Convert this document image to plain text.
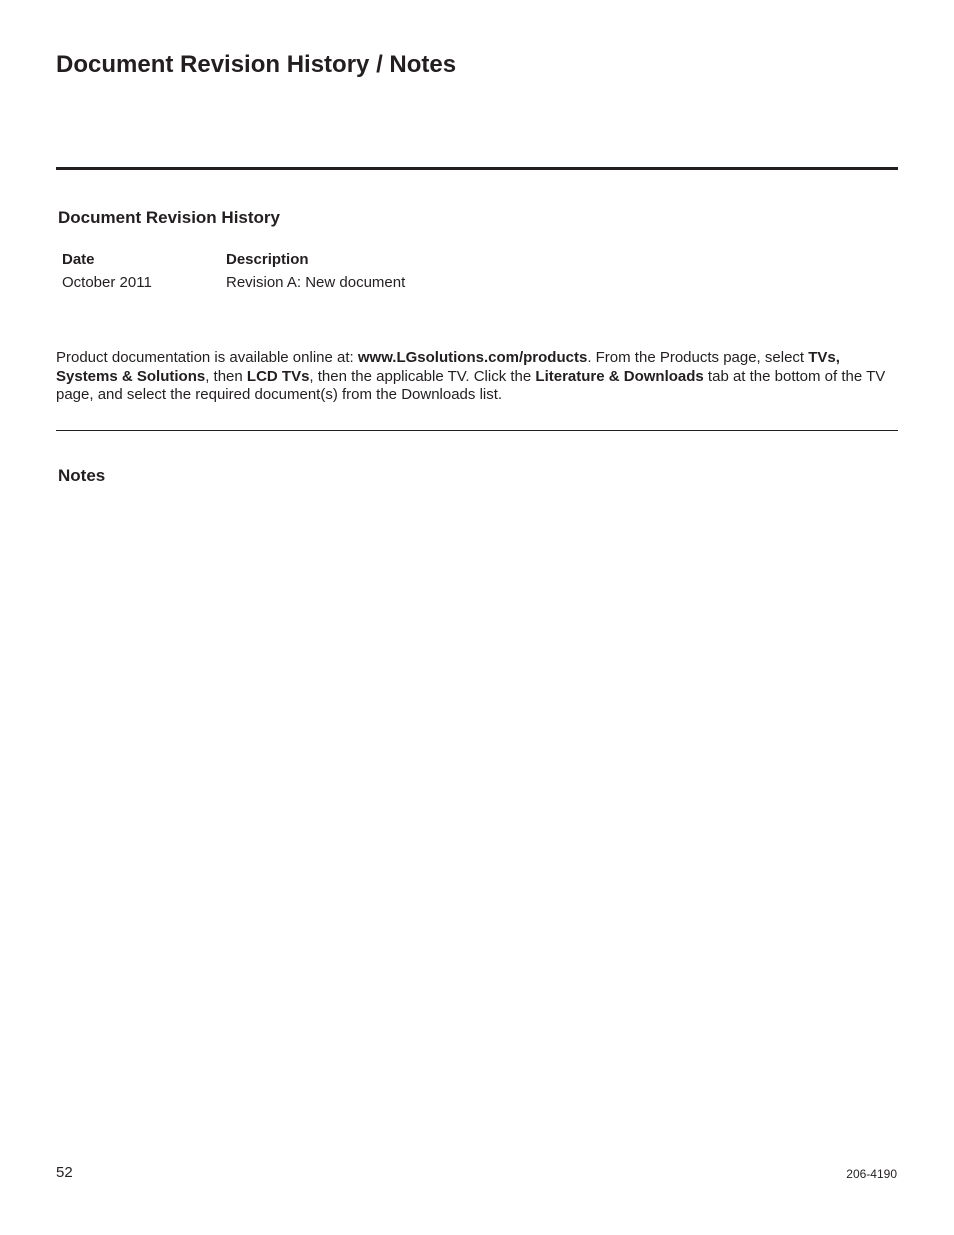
Document Revision History / Notes
Document Revision History
Date	Description
October 2011	Revision A: New document

Product documentation is available online at: www.LGsolutions.com/products. From the Products page, select TVs, Systems & Solutions, then LCD TVs, then the applicable TV. Click the Literature & Downloads tab at the bottom of the TV page, and select the required document(s) from the Downloads list.

Notes
52	206-4190
